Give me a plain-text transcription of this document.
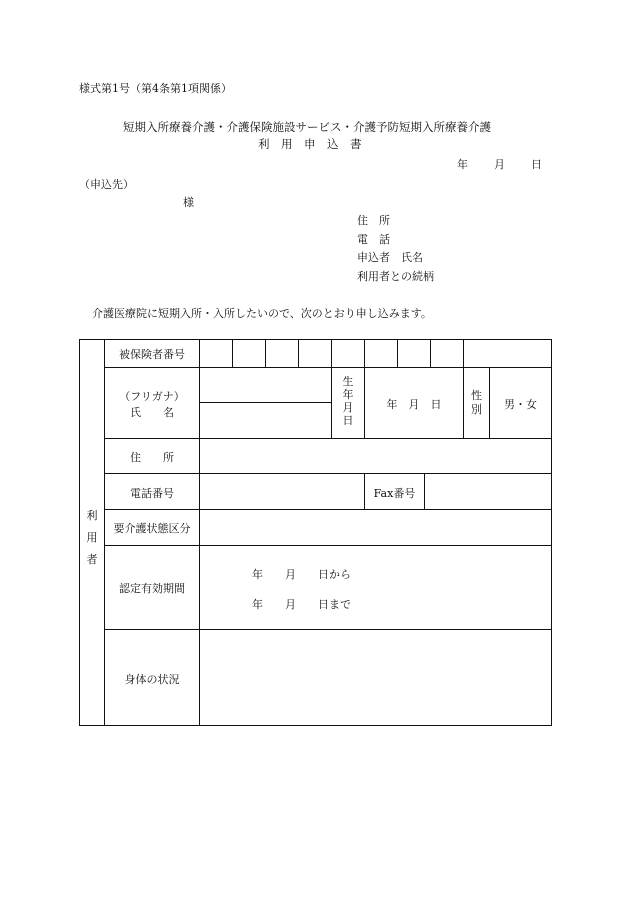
様式第1号（第4条第1項関係）
短期入所療養介護・介護保険施設サービス・介護予防短期入所療養介護
利　用　申　込　書
年 月 日
（申込先）
様
住　所
電　話
申込者　氏名
利用者との続柄
介護医療院に短期入所・入所したいので、次のとおり申し込みます。
利
用
者
被保険者番号
（フリガナ）
氏　　名
生
年
月
日
年　月　日
性
別	男・女
住　　所
電話番号	Fax番号
要介護状態区分
認定有効期間
年　　月　　日から
年　　月　　日まで
身体の状況
